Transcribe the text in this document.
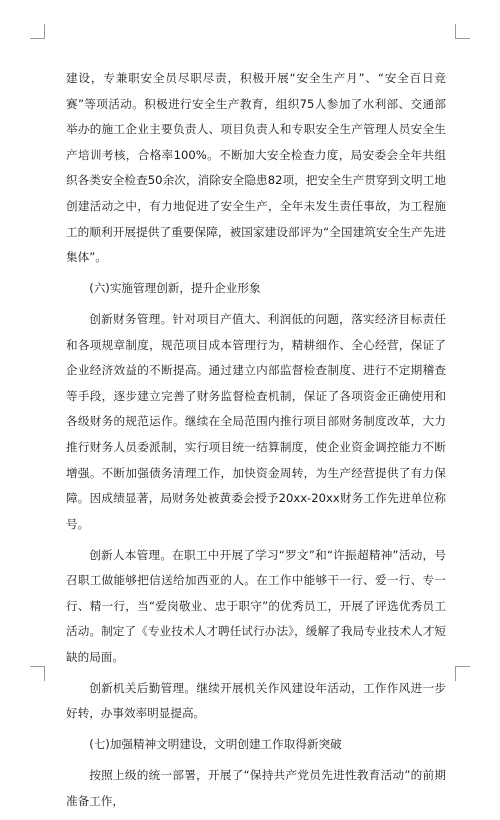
建设，专兼职安全员尽职尽责，积极开展“安全生产月”、“安全百日竞赛”等项活动。积极进行安全生产教育，组织75人参加了水利部、交通部举办的施工企业主要负责人、项目负责人和专职安全生产管理人员安全生产培训考核，合格率100%。不断加大安全检查力度，局安委会全年共组织各类安全检查50余次，消除安全隐患82项，把安全生产贯穿到文明工地创建活动之中，有力地促进了安全生产，全年未发生责任事故，为工程施工的顺利开展提供了重要保障，被国家建设部评为“全国建筑安全生产先进集体”。

(六)实施管理创新，提升企业形象

创新财务管理。针对项目产值大、利润低的问题，落实经济目标责任和各项规章制度，规范项目成本管理行为，精耕细作、全心经营，保证了企业经济效益的不断提高。通过建立内部监督检查制度、进行不定期稽查等手段，逐步建立完善了财务监督检查机制，保证了各项资金正确使用和各级财务的规范运作。继续在全局范围内推行项目部财务制度改革，大力推行财务人员委派制，实行项目统一结算制度，使企业资金调控能力不断增强。不断加强债务清理工作，加快资金周转，为生产经营提供了有力保障。因成绩显著，局财务处被黄委会授予20xx-20xx财务工作先进单位称号。

创新人本管理。在职工中开展了学习“罗文”和“许振超精神”活动，号召职工做能够把信送给加西亚的人。在工作中能够干一行、爱一行、专一行、精一行，当“爱岗敬业、忠于职守”的优秀员工，开展了评选优秀员工活动。制定了《专业技术人才聘任试行办法》，缓解了我局专业技术人才短缺的局面。

创新机关后勤管理。继续开展机关作风建设年活动，工作作风进一步好转，办事效率明显提高。

(七)加强精神文明建设，文明创建工作取得新突破

按照上级的统一部署，开展了“保持共产党员先进性教育活动”的前期准备工作，
